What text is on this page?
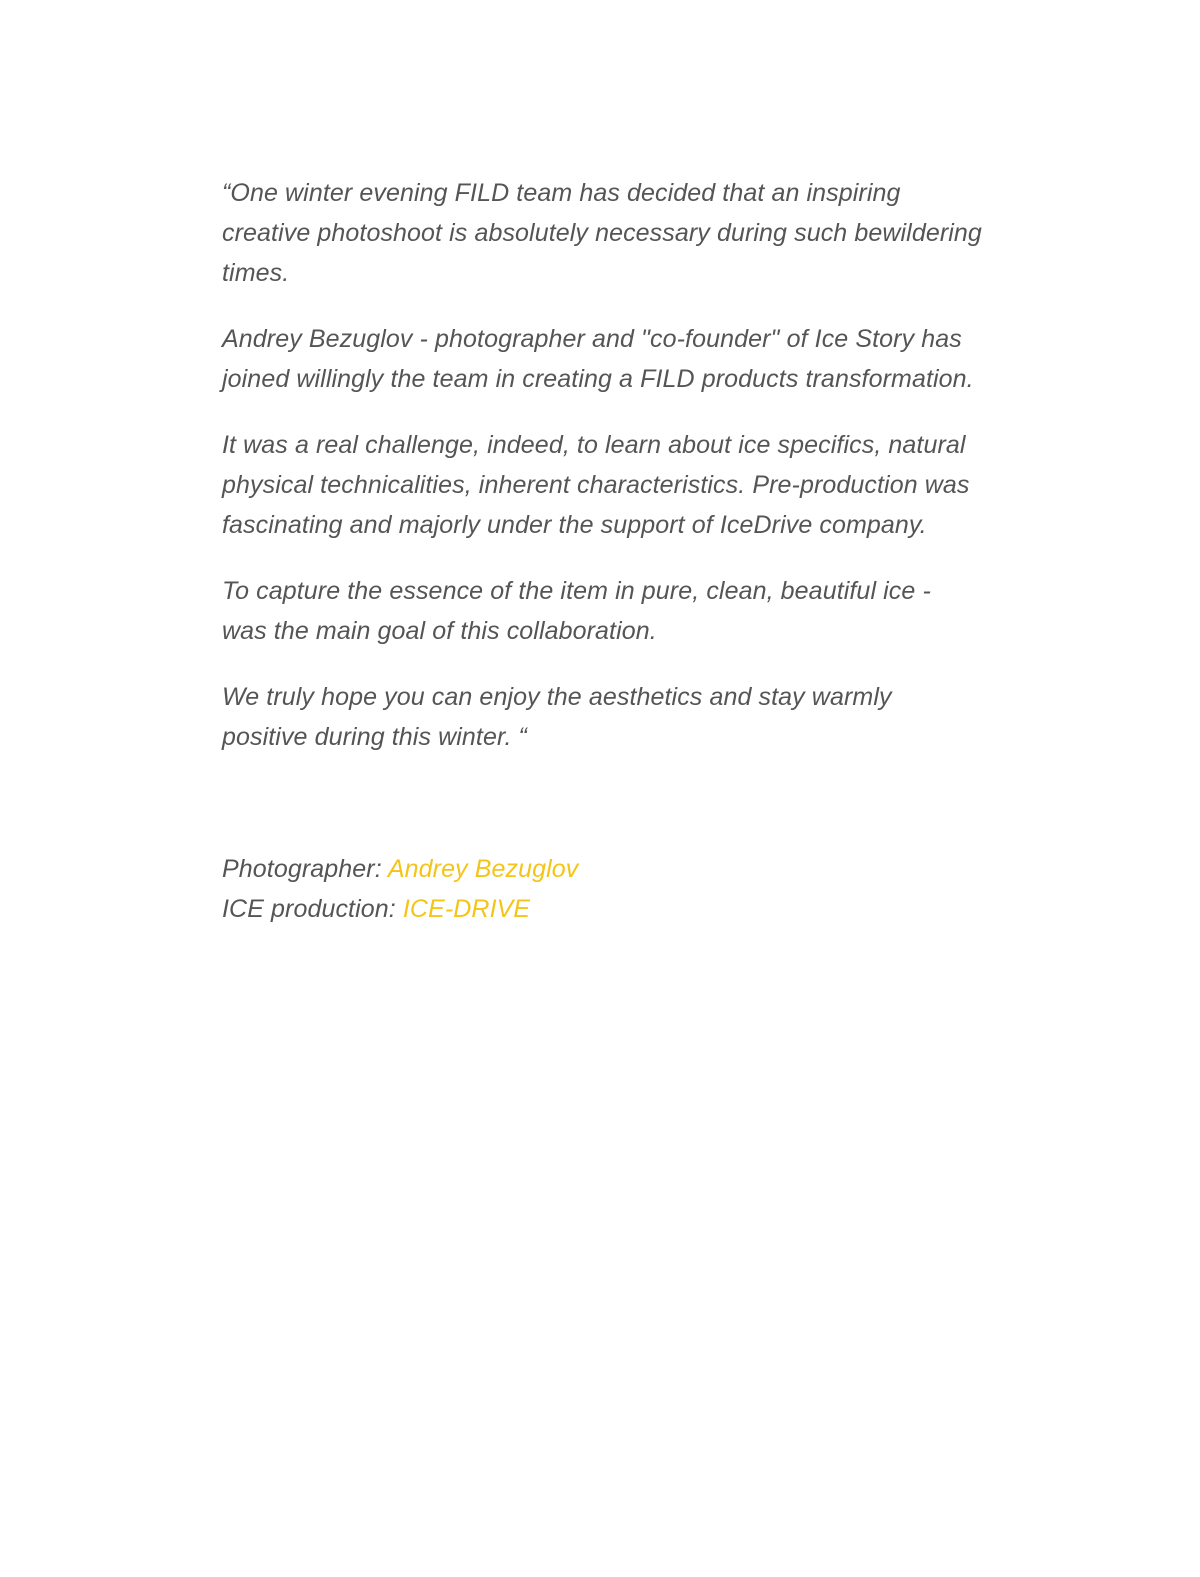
“One winter evening FILD team has decided that an inspiring creative photoshoot is absolutely necessary during such bewildering times.

Andrey Bezuglov - photographer and "co-founder" of Ice Story has joined willingly the team in creating a FILD products transformation.

It was a real challenge, indeed, to learn about ice specifics, natural physical technicalities, inherent characteristics. Pre-production was fascinating and majorly under the support of IceDrive company.

To capture the essence of the item in pure, clean, beautiful ice - was the main goal of this collaboration.

We truly hope you can enjoy the aesthetics and stay warmly positive during this winter. “

Photographer: Andrey Bezuglov
ICE production: ICE-DRIVE
